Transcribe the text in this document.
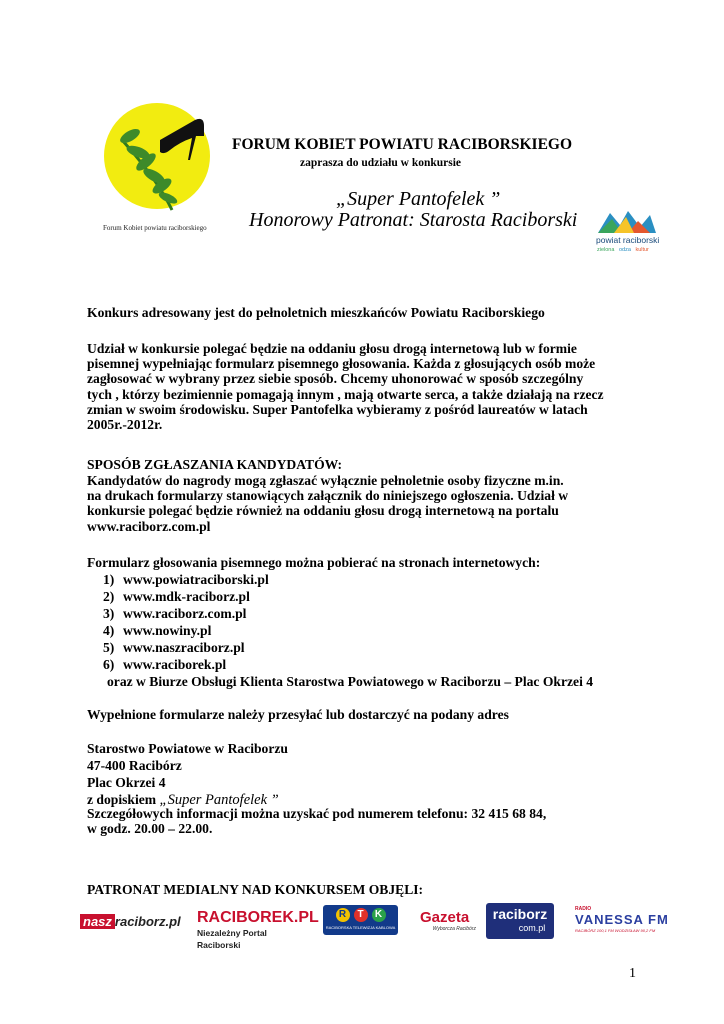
Forum Kobiet powiatu raciborskiego
FORUM KOBIET POWIATU RACIBORSKIEGO
zaprasza do udziału w konkursie
„Super Pantofelek ”
Honorowy Patronat: Starosta Raciborski
powiat raciborski
zielona odza kultur
Konkurs adresowany jest do pełnoletnich mieszkańców Powiatu Raciborskiego
Udział w konkursie polegać będzie na oddaniu głosu drogą internetową lub w formie
pisemnej wypełniając formularz pisemnego głosowania. Każda z głosujących osób może
zagłosować w wybrany przez siebie sposób. Chcemy uhonorować w sposób szczególny
tych , którzy bezimiennie pomagają innym , mają otwarte serca, a także działają na rzecz
zmian w swoim środowisku. Super Pantofelka wybieramy z pośród laureatów w latach
2005r.-2012r.
SPOSÓB ZGŁASZANIA KANDYDATÓW:
Kandydatów do nagrody mogą zgłaszać wyłącznie pełnoletnie osoby fizyczne m.in.
na drukach formularzy stanowiących załącznik do niniejszego ogłoszenia. Udział w
konkursie polegać będzie również na oddaniu głosu drogą internetową na portalu
www.raciborz.com.pl
Formularz głosowania pisemnego można pobierać na stronach internetowych:
1) www.powiatraciborski.pl
2) www.mdk-raciborz.pl
3) www.raciborz.com.pl
4) www.nowiny.pl
5) www.naszraciborz.pl
6) www.raciborek.pl
oraz w Biurze Obsługi Klienta Starostwa Powiatowego w Raciborzu – Plac Okrzei 4
Wypełnione formularze należy przesyłać lub dostarczyć na podany adres
Starostwo Powiatowe w Raciborzu
47-400 Racibórz
Plac Okrzei 4
z dopiskiem „Super Pantofelek ”
Szczegółowych informacji można uzyskać pod numerem telefonu: 32 415 68 84,
w godz. 20.00 – 22.00.
PATRONAT MEDIALNY NAD KONKURSEM OBJĘLI:
nasz raciborz.pl RACIBOREK.PL
Niezależny Portal Raciborski
R	T	K
RACIBORSKA TELEWIZJA KABLOWA
Gazeta
Wyborcza Racibórz
raciborz
com.pl
RADIO
VANESSA FM
RACIBÓRZ 100,1 FM WODZISŁAW 90,2 FM
1
